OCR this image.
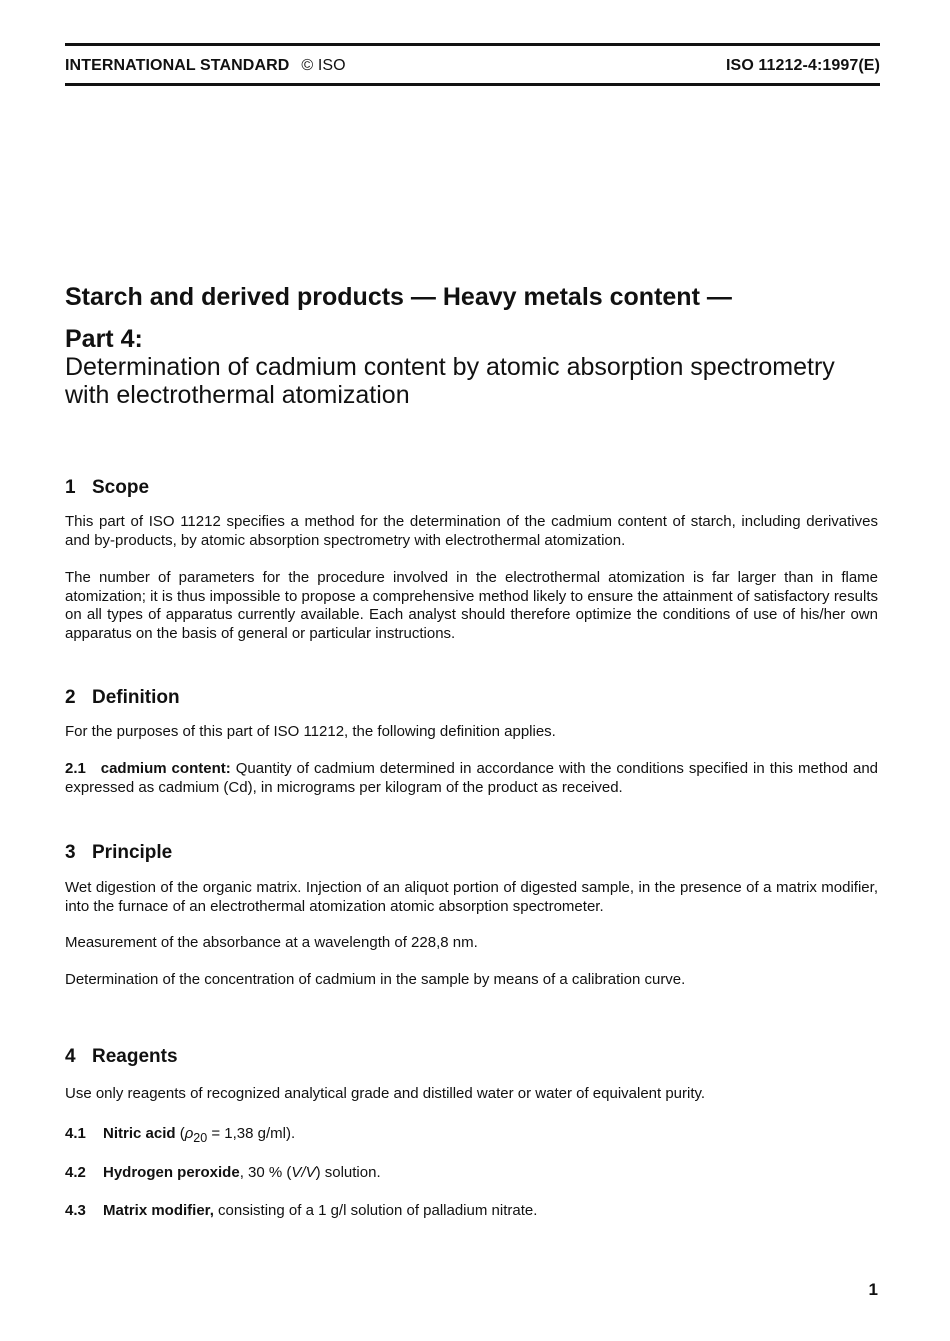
INTERNATIONAL STANDARD © ISO	ISO 11212-4:1997(E)
Starch and derived products — Heavy metals content —
Part 4:
Determination of cadmium content by atomic absorption spectrometry
with electrothermal atomization
1 Scope
This part of ISO 11212 specifies a method for the determination of the cadmium content of starch, including derivatives and by-products, by atomic absorption spectrometry with electrothermal atomization.
The number of parameters for the procedure involved in the electrothermal atomization is far larger than in flame atomization; it is thus impossible to propose a comprehensive method likely to ensure the attainment of satisfactory results on all types of apparatus currently available. Each analyst should therefore optimize the conditions of use of his/her own apparatus on the basis of general or particular instructions.
2 Definition
For the purposes of this part of ISO 11212, the following definition applies.
2.1 cadmium content: Quantity of cadmium determined in accordance with the conditions specified in this method and expressed as cadmium (Cd), in micrograms per kilogram of the product as received.
3 Principle
Wet digestion of the organic matrix. Injection of an aliquot portion of digested sample, in the presence of a matrix modifier, into the furnace of an electrothermal atomization atomic absorption spectrometer.
Measurement of the absorbance at a wavelength of 228,8 nm.
Determination of the concentration of cadmium in the sample by means of a calibration curve.
4 Reagents
Use only reagents of recognized analytical grade and distilled water or water of equivalent purity.
4.1 Nitric acid ($\rho_{20} = 1,38$ g/ml).
4.2 Hydrogen peroxide, 30 % (V/V) solution.
4.3 Matrix modifier, consisting of a 1 g/l solution of palladium nitrate.
1
